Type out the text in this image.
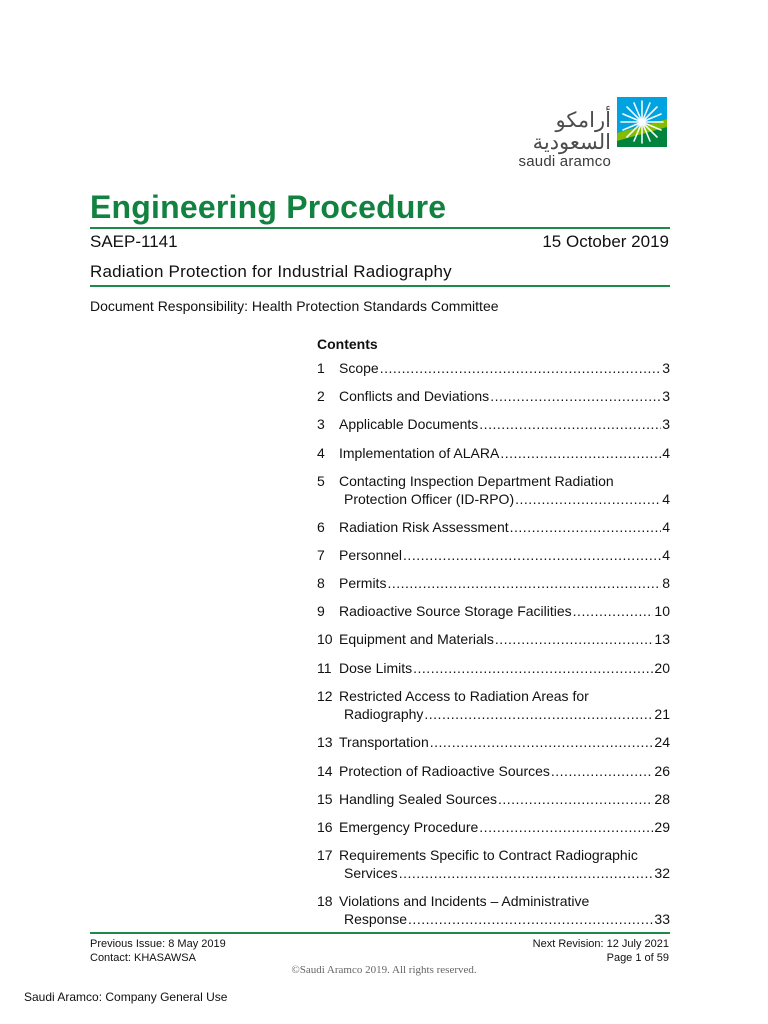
أرامكو السعودية
saudi aramco
Engineering Procedure
SAEP-1141	15 October 2019
Radiation Protection for Industrial Radiography
Document Responsibility: Health Protection Standards Committee
Contents
1	Scope .....	3
2	Conflicts and Deviations .....	3
3	Applicable Documents .....	3
4	Implementation of ALARA .....	4
5	Contacting Inspection Department Radiation
Protection Officer (ID-RPO) .....	4
6	Radiation Risk Assessment .....	4
7	Personnel .....	4
8	Permits .....	8
9	Radioactive Source Storage Facilities .....	10
10 Equipment and Materials .....	13
11 Dose Limits .....	20
12 Restricted Access to Radiation Areas for
Radiography .....	21
13 Transportation .....	24
14 Protection of Radioactive Sources .....	26
15 Handling Sealed Sources .....	28
16 Emergency Procedure .....	29
17 Requirements Specific to Contract Radiographic
Services .....	32
18 Violations and Incidents – Administrative
Response .....	33
Previous Issue: 8 May 2019
Contact: KHASAWSA
Next Revision: 12 July 2021
Page 1 of 59
©Saudi Aramco 2019. All rights reserved.
Saudi Aramco: Company General Use
